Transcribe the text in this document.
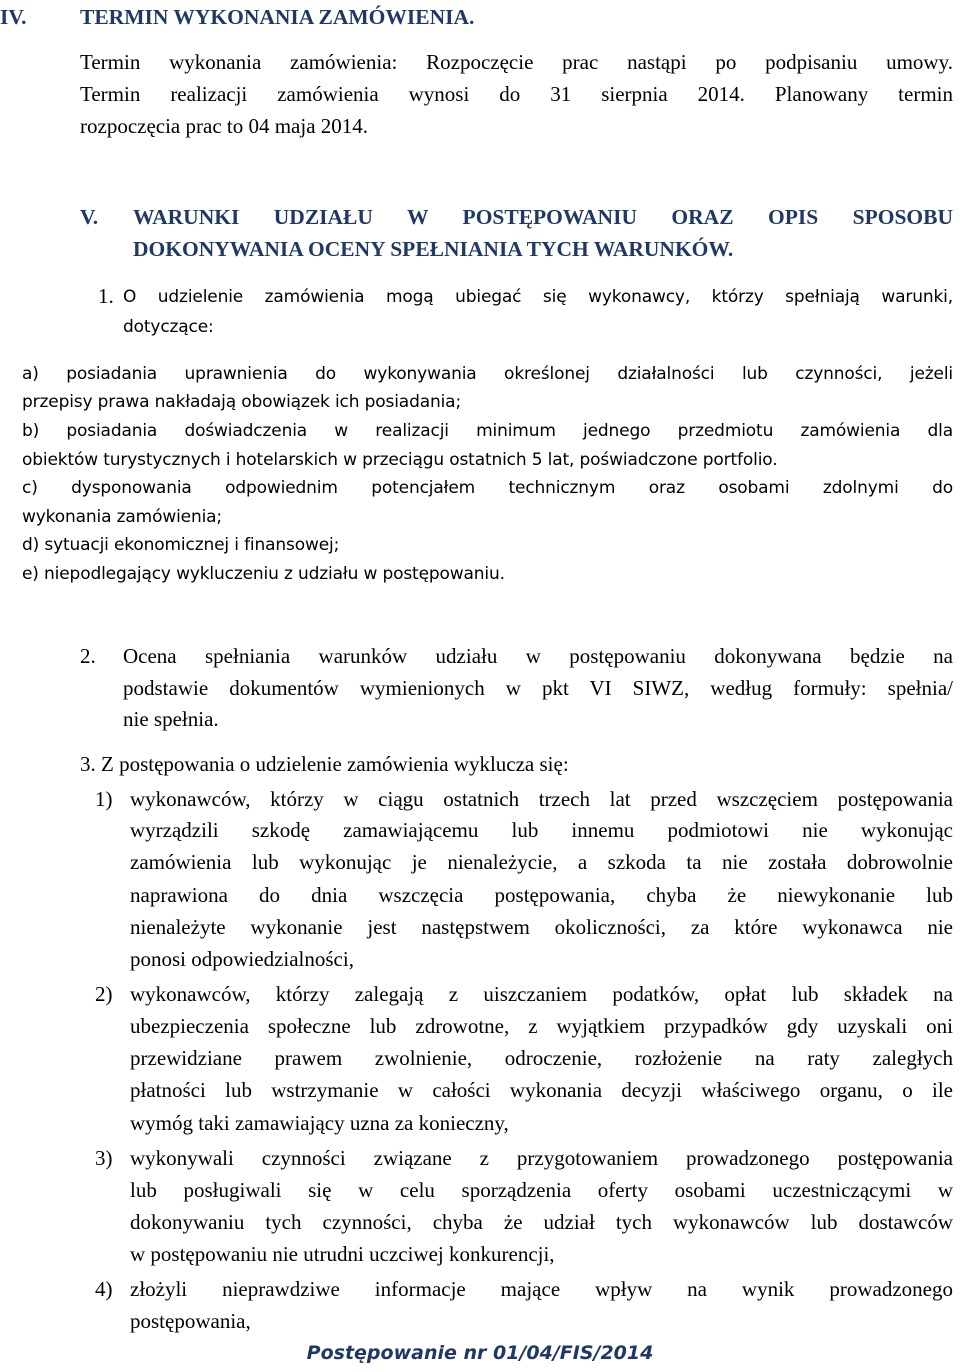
IV. TERMIN WYKONANIA ZAMÓWIENIA.
Termin wykonania zamówienia: Rozpoczęcie prac nastąpi po podpisaniu umowy.
Termin realizacji zamówienia wynosi do 31 sierpnia 2014. Planowany termin
rozpoczęcia prac to 04 maja 2014.
V. WARUNKI UDZIAŁU W POSTĘPOWANIU ORAZ OPIS SPOSOBU
DOKONYWANIA OCENY SPEŁNIANIA TYCH WARUNKÓW.
1. O udzielenie zamówienia mogą ubiegać się wykonawcy, którzy spełniają warunki,
dotyczące:
a) posiadania uprawnienia do wykonywania określonej działalności lub czynności, jeżeli
przepisy prawa nakładają obowiązek ich posiadania;
b) posiadania doświadczenia w realizacji minimum jednego przedmiotu zamówienia dla
obiektów turystycznych i hotelarskich w przeciągu ostatnich 5 lat, poświadczone portfolio.
c) dysponowania odpowiednim potencjałem technicznym oraz osobami zdolnymi do
wykonania zamówienia;
d) sytuacji ekonomicznej i finansowej;
e) niepodlegający wykluczeniu z udziału w postępowaniu.
2. Ocena spełniania warunków udziału w postępowaniu dokonywana będzie na
podstawie dokumentów wymienionych w pkt VI SIWZ, według formuły: spełnia/
nie spełnia.
3. Z postępowania o udzielenie zamówienia wyklucza się:
1) wykonawców, którzy w ciągu ostatnich trzech lat przed wszczęciem postępowania
wyrządzili szkodę zamawiającemu lub innemu podmiotowi nie wykonując
zamówienia lub wykonując je nienależycie, a szkoda ta nie została dobrowolnie
naprawiona do dnia wszczęcia postępowania, chyba że niewykonanie lub
nienależyte wykonanie jest następstwem okoliczności, za które wykonawca nie
ponosi odpowiedzialności,
2) wykonawców, którzy zalegają z uiszczaniem podatków, opłat lub składek na
ubezpieczenia społeczne lub zdrowotne, z wyjątkiem przypadków gdy uzyskali oni
przewidziane prawem zwolnienie, odroczenie, rozłożenie na raty zaległych
płatności lub wstrzymanie w całości wykonania decyzji właściwego organu, o ile
wymóg taki zamawiający uzna za konieczny,
3) wykonywali czynności związane z przygotowaniem prowadzonego postępowania
lub posługiwali się w celu sporządzenia oferty osobami uczestniczącymi w
dokonywaniu tych czynności, chyba że udział tych wykonawców lub dostawców
w postępowaniu nie utrudni uczciwej konkurencji,
4) złożyli nieprawdziwe informacje mające wpływ na wynik prowadzonego
postępowania,
Postępowanie nr 01/04/FIS/2014
